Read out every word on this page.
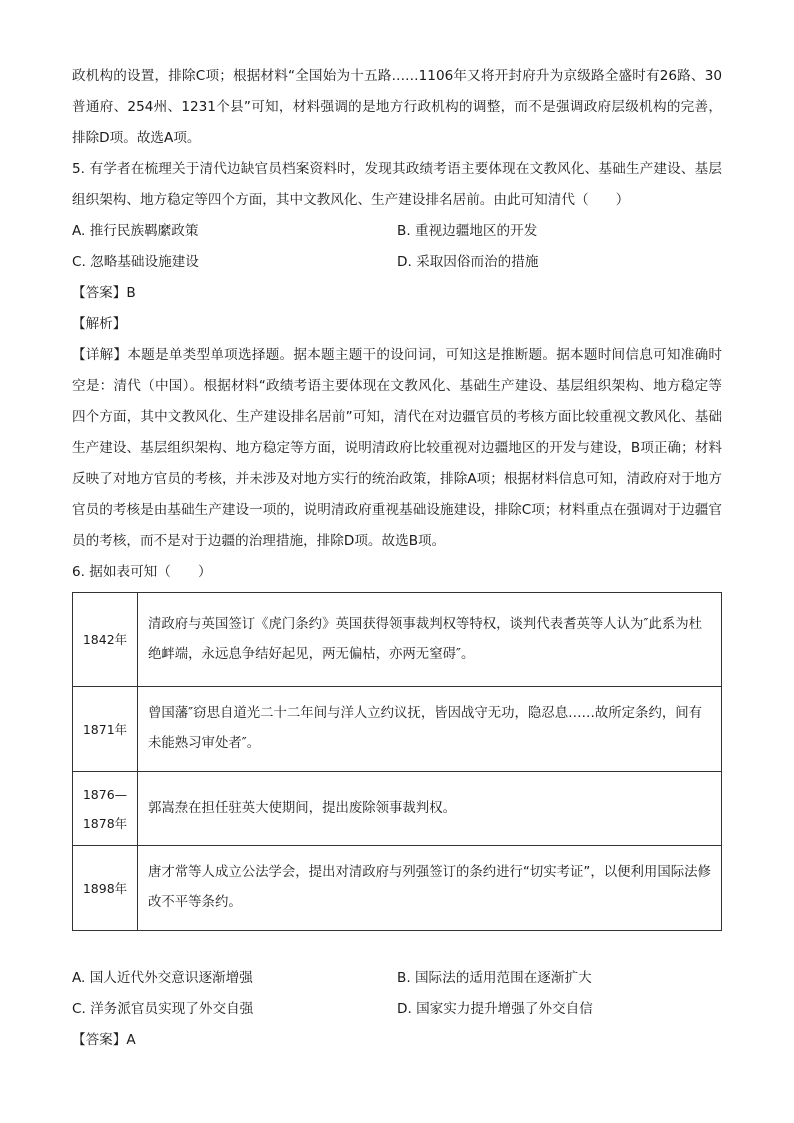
政机构的设置，排除C项；根据材料“全国始为十五路……1106年又将开封府升为京级路全盛时有26路、30普通府、254州、1231个县”可知，材料强调的是地方行政机构的调整，而不是强调政府层级机构的完善，排除D项。故选A项。

5. 有学者在梳理关于清代边缺官员档案资料时，发现其政绩考语主要体现在文教风化、基础生产建设、基层组织架构、地方稳定等四个方面，其中文教风化、生产建设排名居前。由此可知清代（　　）

A. 推行民族羁縻政策	B. 重视边疆地区的开发
C. 忽略基础设施建设	D. 采取因俗而治的措施

【答案】B

【解析】

【详解】本题是单类型单项选择题。据本题主题干的设问词，可知这是推断题。据本题时间信息可知准确时空是：清代（中国）。根据材料“政绩考语主要体现在文教风化、基础生产建设、基层组织架构、地方稳定等四个方面，其中文教风化、生产建设排名居前”可知，清代在对边疆官员的考核方面比较重视文教风化、基础生产建设、基层组织架构、地方稳定等方面，说明清政府比较重视对边疆地区的开发与建设，B项正确；材料反映了对地方官员的考核，并未涉及对地方实行的统治政策，排除A项；根据材料信息可知，清政府对于地方官员的考核是由基础生产建设一项的，说明清政府重视基础设施建设，排除C项；材料重点在强调对于边疆官员的考核，而不是对于边疆的治理措施，排除D项。故选B项。

6. 据如表可知（　　）

1842年	清政府与英国签订《虎门条约》英国获得领事裁判权等特权，谈判代表耆英等人认为″此系为杜绝衅端，永远息争结好起见，两无偏枯，亦两无窒碍″。
1871年	曾国藩″窃思自道光二十二年间与洋人立约议抚，皆因战守无功，隐忍息……故所定条约，间有未能熟习审处者″。
1876—
1878年	郭嵩焘在担任驻英大使期间，提出废除领事裁判权。
1898年	唐才常等人成立公法学会，提出对清政府与列强签订的条约进行“切实考证”，以便利用国际法修改不平等条约。
A. 国人近代外交意识逐渐增强	B. 国际法的适用范围在逐渐扩大
C. 洋务派官员实现了外交自强	D. 国家实力提升增强了外交自信

【答案】A
